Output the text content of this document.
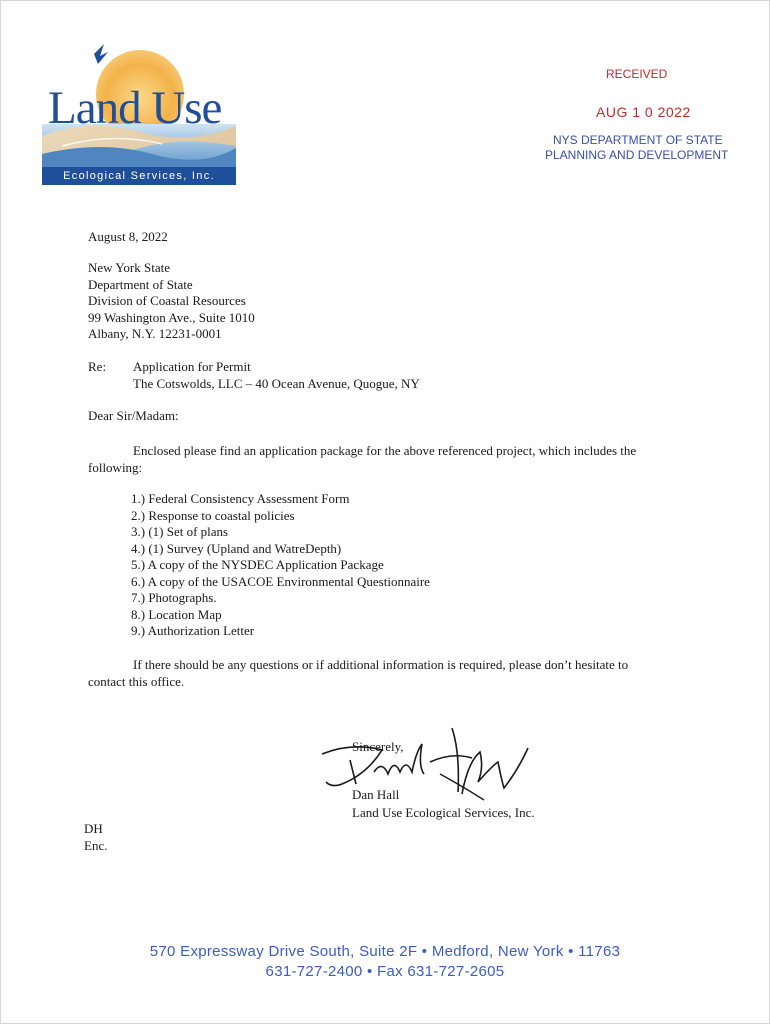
Land Use
Ecological Services, Inc.
RECEIVED
AUG 1 0 2022
NYS DEPARTMENT OF STATE
PLANNING AND DEVELOPMENT
August 8, 2022
New York State
Department of State
Division of Coastal Resources
99 Washington Ave., Suite 1010
Albany, N.Y. 12231-0001
Re: Application for Permit
The Cotswolds, LLC – 40 Ocean Avenue, Quogue, NY
Dear Sir/Madam:
Enclosed please find an application package for the above referenced project, which includes the
following:
1.) Federal Consistency Assessment Form
2.) Response to coastal policies
3.) (1) Set of plans
4.) (1) Survey (Upland and WatreDepth)
5.) A copy of the NYSDEC Application Package
6.) A copy of the USACOE Environmental Questionnaire
7.) Photographs.
8.) Location Map
9.) Authorization Letter
If there should be any questions or if additional information is required, please don’t hesitate to
contact this office.
Sincerely,
Dan Hall
Land Use Ecological Services, Inc.
DH
Enc.
570 Expressway Drive South, Suite 2F • Medford, New York • 11763
631-727-2400 • Fax 631-727-2605
